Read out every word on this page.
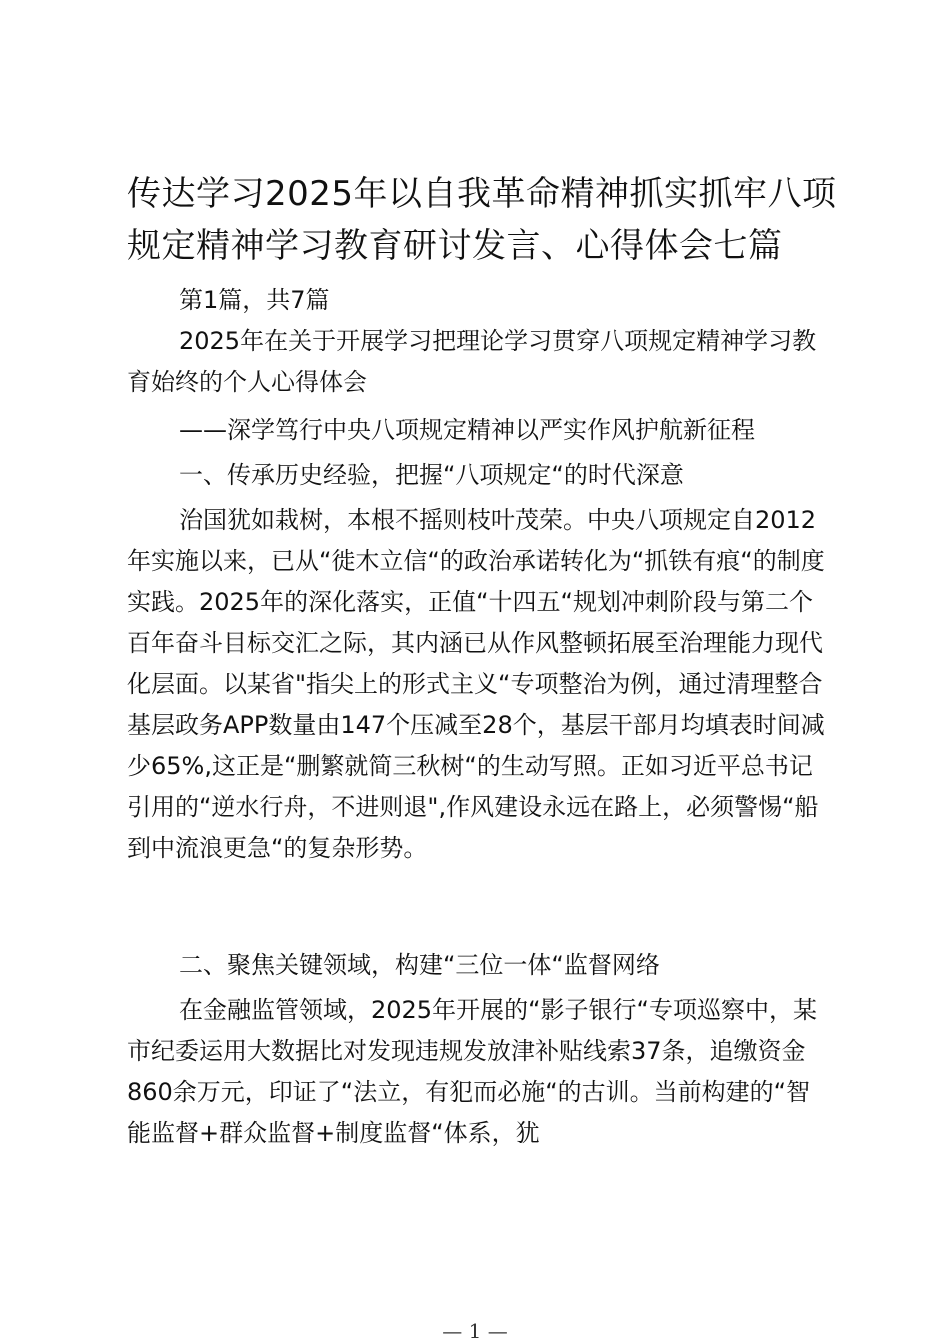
传达学习2025年以自我革命精神抓实抓牢八项规定精神学习教育研讨发言、心得体会七篇

第1篇，共7篇

2025年在关于开展学习把理论学习贯穿八项规定精神学习教育始终的个人心得体会

——深学笃行中央八项规定精神以严实作风护航新征程

一、传承历史经验，把握“八项规定“的时代深意

治国犹如栽树，本根不摇则枝叶茂荣。中央八项规定自2012年实施以来，已从“徙木立信“的政治承诺转化为“抓铁有痕“的制度实践。2025年的深化落实，正值“十四五“规划冲刺阶段与第二个百年奋斗目标交汇之际，其内涵已从作风整顿拓展至治理能力现代化层面。以某省"指尖上的形式主义“专项整治为例，通过清理整合基层政务APP数量由147个压减至28个，基层干部月均填表时间减少65%,这正是“删繁就简三秋树“的生动写照。正如习近平总书记引用的“逆水行舟，不进则退",作风建设永远在路上，必须警惕“船到中流浪更急“的复杂形势。

二、聚焦关键领域，构建“三位一体“监督网络

在金融监管领域，2025年开展的“影子银行“专项巡察中，某市纪委运用大数据比对发现违规发放津补贴线索37条，追缴资金860余万元，印证了“法立，有犯而必施“的古训。当前构建的“智能监督+群众监督+制度监督“体系，犹

— 1 —
